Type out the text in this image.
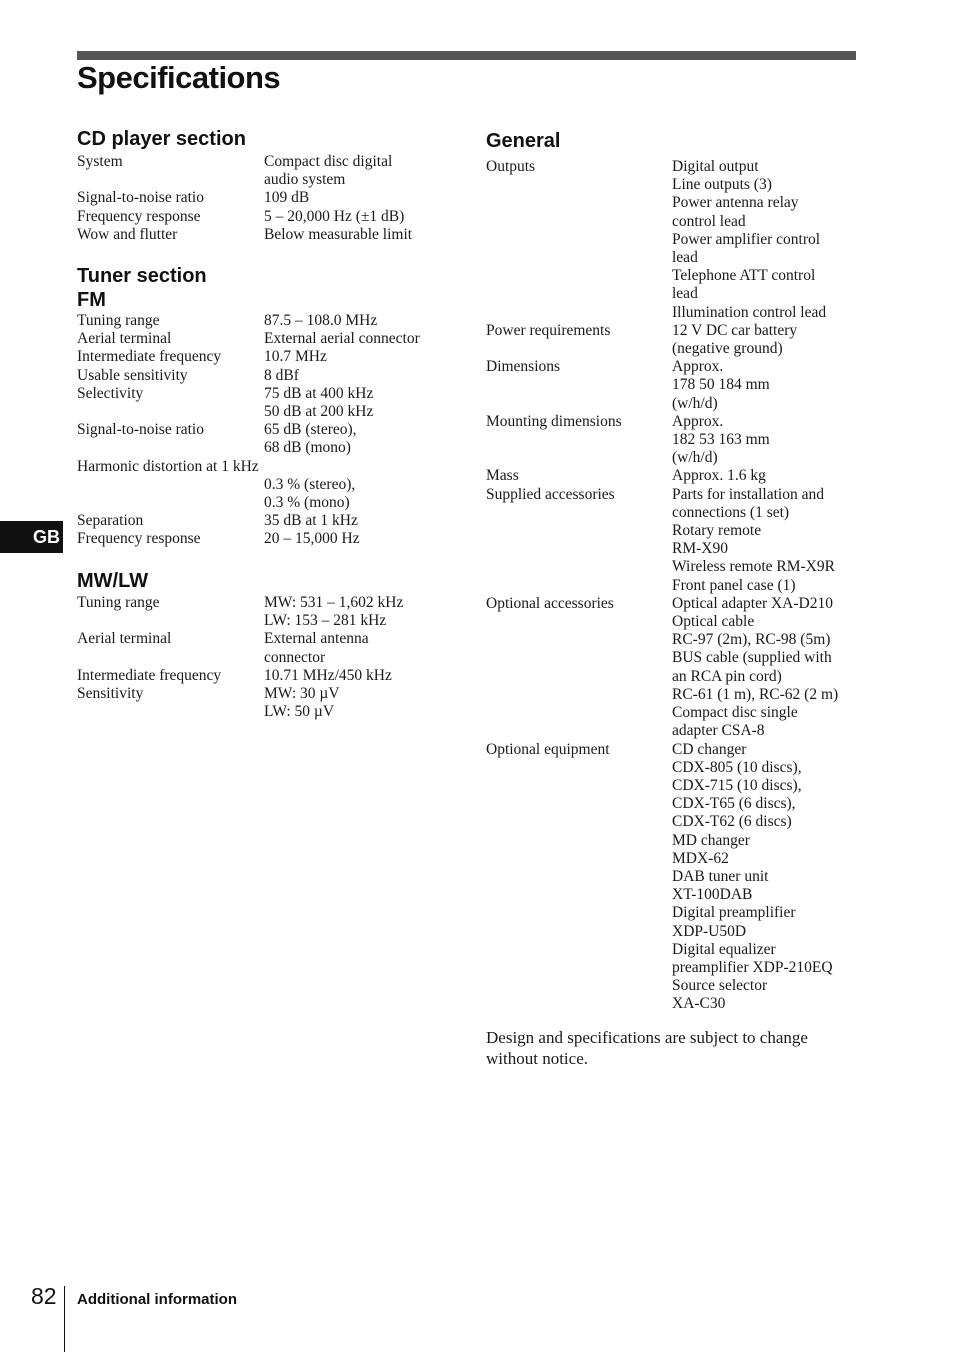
Specifications
CD player section
System	Compact disc digital
audio system
Signal-to-noise ratio	109 dB
Frequency response	5 – 20,000 Hz (±1 dB)
Wow and flutter	Below measurable limit
Tuner section
FM
Tuning range	87.5 – 108.0 MHz
Aerial terminal	External aerial connector
Intermediate frequency	10.7 MHz
Usable sensitivity	8 dBf
Selectivity	75 dB at 400 kHz
50 dB at 200 kHz
Signal-to-noise ratio	65 dB (stereo),
68 dB (mono)
Harmonic distortion at 1 kHz
0.3 % (stereo),
0.3 % (mono)
Separation	35 dB at 1 kHz
Frequency response	20 – 15,000 Hz
MW/LW
Tuning range	MW: 531 – 1,602 kHz
LW: 153 – 281 kHz
Aerial terminal	External antenna
connector
Intermediate frequency	10.71 MHz/450 kHz
Sensitivity	MW: 30 µV
LW: 50 µV
General
Outputs	Digital output
Line outputs (3)
Power antenna relay
control lead
Power amplifier control
lead
Telephone ATT control
lead
Illumination control lead
Power requirements	12 V DC car battery
(negative ground)
Dimensions	Approx.
178 50 184 mm
(w/h/d)
Mounting dimensions	Approx.
182 53 163 mm
(w/h/d)
Mass	Approx. 1.6 kg
Supplied accessories	Parts for installation and
connections (1 set)
Rotary remote
RM-X90
Wireless remote RM-X9R
Front panel case (1)
Optional accessories	Optical adapter XA-D210
Optical cable
RC-97 (2m), RC-98 (5m)
BUS cable (supplied with
an RCA pin cord)
RC-61 (1 m), RC-62 (2 m)
Compact disc single
adapter CSA-8
Optional equipment	CD changer
CDX-805 (10 discs),
CDX-715 (10 discs),
CDX-T65 (6 discs),
CDX-T62 (6 discs)
MD changer
MDX-62
DAB tuner unit
XT-100DAB
Digital preamplifier
XDP-U50D
Digital equalizer
preamplifier XDP-210EQ
Source selector
XA-C30

Design and specifications are subject to change without notice.

GB
82 Additional information
